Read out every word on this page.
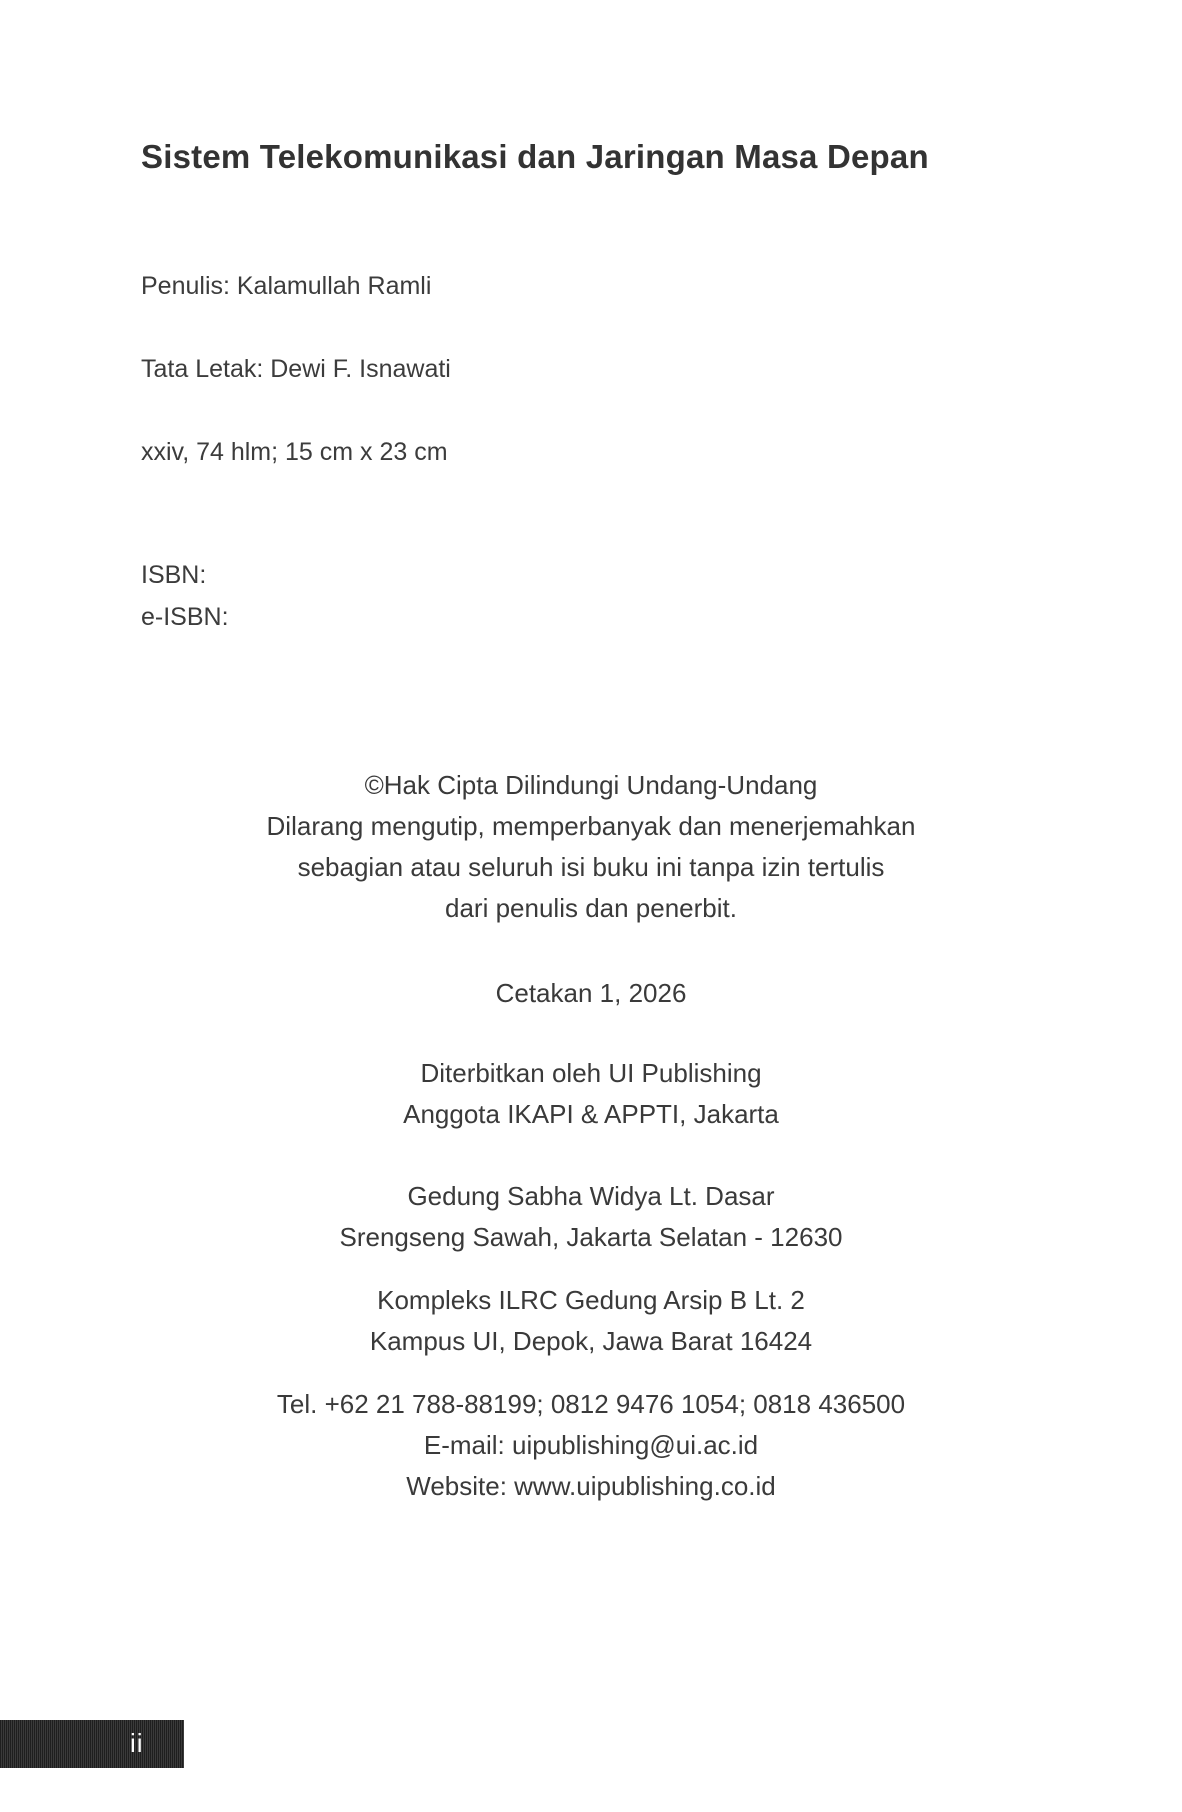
Sistem Telekomunikasi dan Jaringan Masa Depan

Penulis: Kalamullah Ramli

Tata Letak: Dewi F. Isnawati

xxiv, 74 hlm; 15 cm x 23 cm

ISBN:

e-ISBN:

©Hak Cipta Dilindungi Undang-Undang
Dilarang mengutip, memperbanyak dan menerjemahkan
sebagian atau seluruh isi buku ini tanpa izin tertulis
dari penulis dan penerbit.
Cetakan 1, 2026
Diterbitkan oleh UI Publishing
Anggota IKAPI & APPTI, Jakarta
Gedung Sabha Widya Lt. Dasar
Srengseng Sawah, Jakarta Selatan - 12630
Kompleks ILRC Gedung Arsip B Lt. 2
Kampus UI, Depok, Jawa Barat 16424
Tel. +62 21 788-88199; 0812 9476 1054; 0818 436500
E-mail: uipublishing@ui.ac.id
Website: www.uipublishing.co.id
ii
